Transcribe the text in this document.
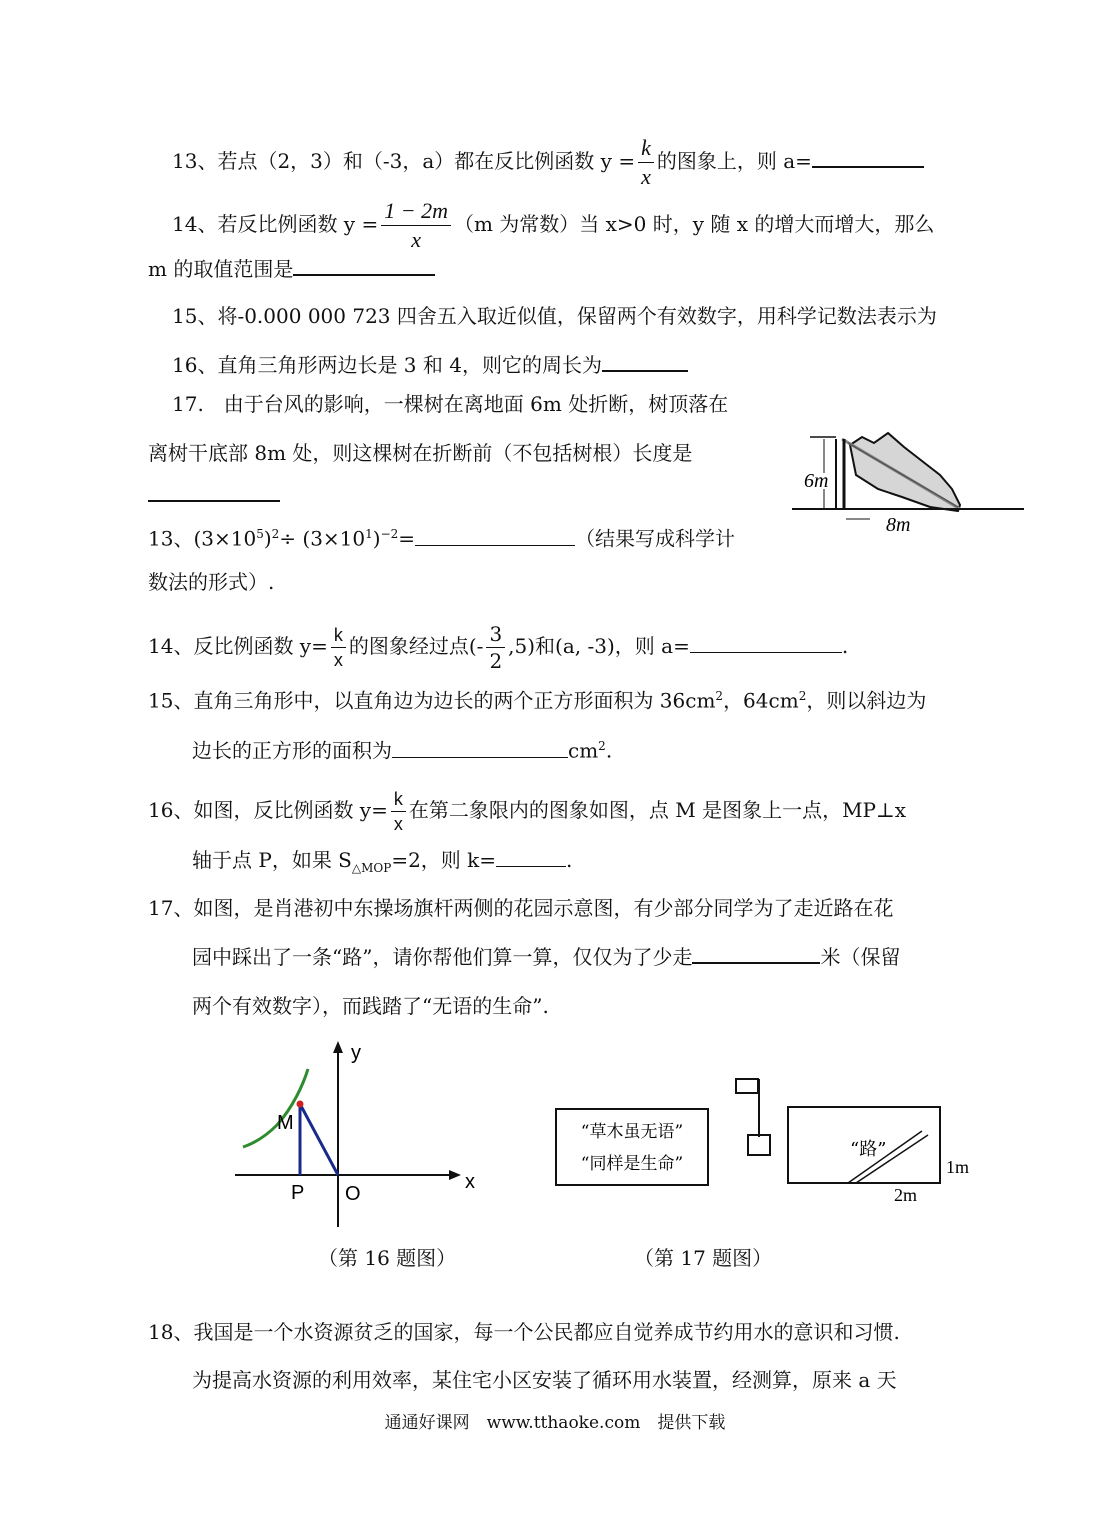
13、若点（2，3）和（-3，a）都在反比例函数 $y = \frac{k}{x}$ 的图象上，则 a=
14、若反比例函数 $y = \frac{1 - 2m}{x} (m$ 为常数）当 x>0 时，y 随 x 的增大而增大，那么
m 的取值范围是
15、将-0.000 000 723 四舍五入取近似值，保留两个有效数字，用科学记数法表示为
16、直角三角形两边长是 3 和 4，则它的周长为
17.　由于台风的影响，一棵树在离地面 6m 处折断，树顶落在
离树干底部 8m 处，则这棵树在折断前（不包括树根）长度是
6m
8m
13、$(3\times 10^5)^2\div (3\times 10^1)^{-2}=$	（结果写成科学计
数法的形式）.
14、反比例函数 $y= \frac{k}{x}$ 的图象经过点(- $\frac{3}{2} ,5$)和(a, -3)，则 a=	.
15、直角三角形中，以直角边为边长的两个正方形面积为 $36cm^2$，$64cm^2$，则以斜边为
边长的正方形的面积为	$cm^2$.
16、如图，反比例函数 $y= \frac{k}{x}$ 在第二象限内的图象如图，点 M 是图象上一点，MP⊥x
轴于点 P，如果 $S_{\triangle MOP}=2$，则 k=	.
17、如图，是肖港初中东操场旗杆两侧的花园示意图，有少部分同学为了走近路在花
园中踩出了一条“路”，请你帮他们算一算，仅仅为了少走	米（保留
两个有效数字），而践踏了“无语的生命”.
y
x
M
P O
“草木虽无语”
“同样是生命”
“路”
1m
2m
（第 16 题图）	（第 17 题图）
18、我国是一个水资源贫乏的国家，每一个公民都应自觉养成节约用水的意识和习惯.
为提高水资源的利用效率，某住宅小区安装了循环用水装置，经测算，原来 a 天
通通好课网　www.tthaoke.com　提供下载
